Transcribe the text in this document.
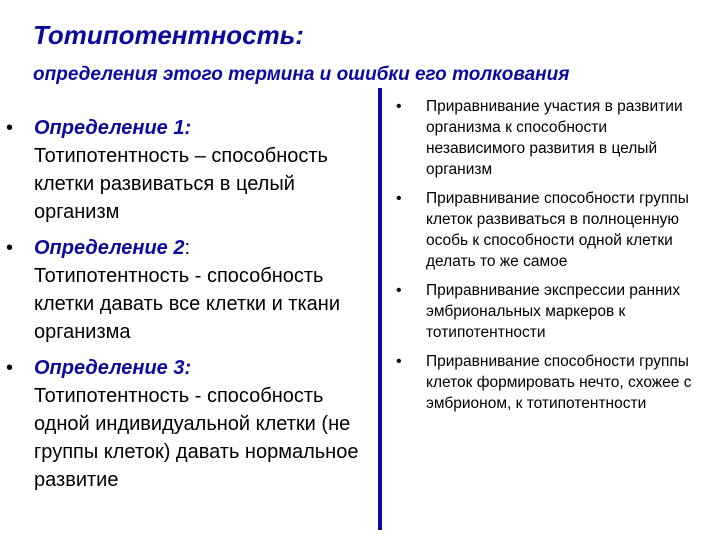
Тотипотентность:
определения этого термина и ошибки его толкования
• Определение 1:
Тотипотентность – способность клетки развиваться в целый организм
• Определение 2:
Тотипотентность - способность клетки давать все клетки и ткани организма
• Определение 3:
Тотипотентность - способность одной индивидуальной клетки (не группы клеток) давать нормальное развитие
• Приравнивание участия в развитии организма к способности независимого развития в целый организм
• Приравнивание способности группы клеток развиваться в полноценную особь к способности одной клетки делать то же самое
• Приравнивание экспрессии ранних эмбриональных маркеров к тотипотентности
• Приравнивание способности группы клеток формировать нечто, схожее с эмбрионом, к тотипотентности
